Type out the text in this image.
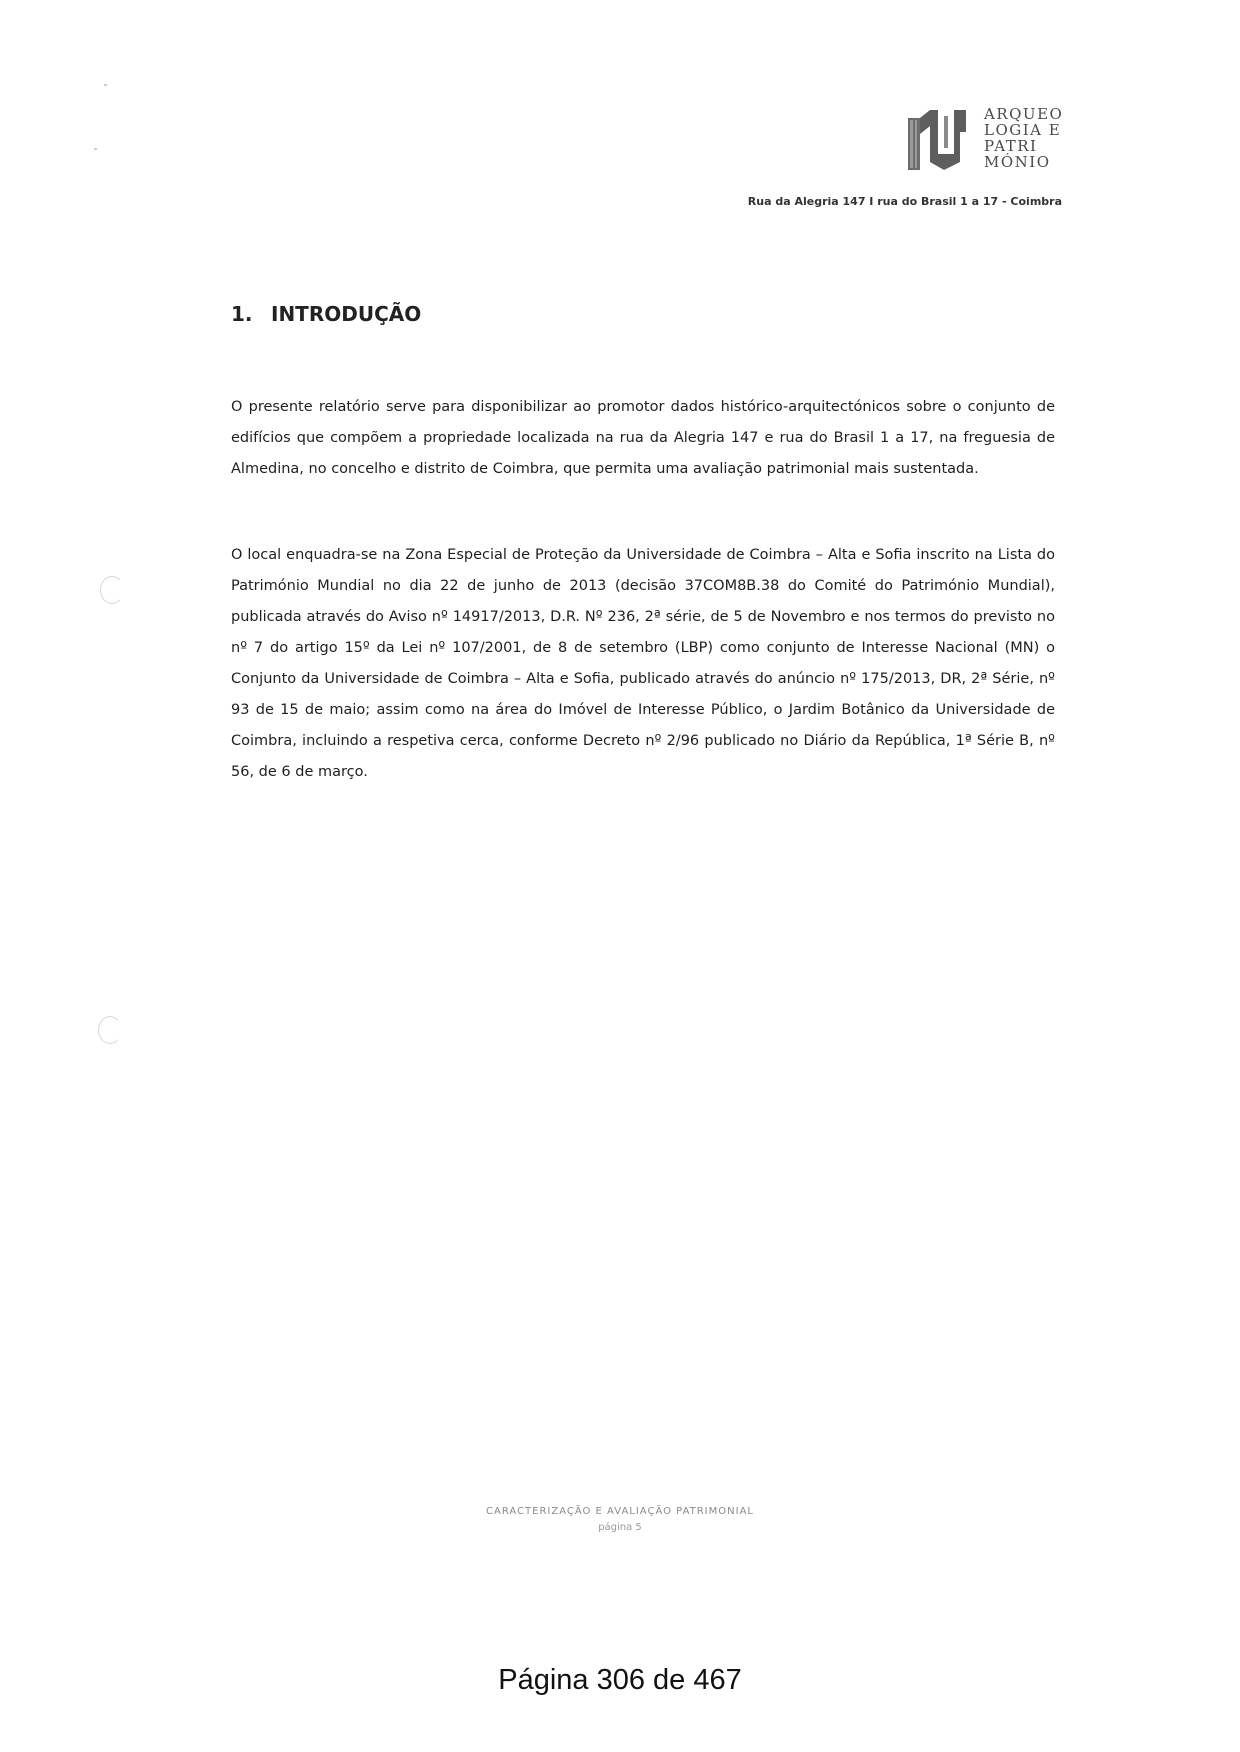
ARQUEO
LOGIA E
PATRI
MÓNIO
Rua da Alegria 147 I rua do Brasil 1 a 17 - Coimbra
1. INTRODUÇÃO

O presente relatório serve para disponibilizar ao promotor dados histórico-arquitectónicos sobre o conjunto de edifícios que compõem a propriedade localizada na rua da Alegria 147 e rua do Brasil 1 a 17, na freguesia de Almedina, no concelho e distrito de Coimbra, que permita uma avaliação patrimonial mais sustentada.

O local enquadra-se na Zona Especial de Proteção da Universidade de Coimbra – Alta e Sofia inscrito na Lista do Património Mundial no dia 22 de junho de 2013 (decisão 37COM8B.38 do Comité do Património Mundial), publicada através do Aviso nº 14917/2013, D.R. Nº 236, 2ª série, de 5 de Novembro e nos termos do previsto no nº 7 do artigo 15º da Lei nº 107/2001, de 8 de setembro (LBP) como conjunto de Interesse Nacional (MN) o Conjunto da Universidade de Coimbra – Alta e Sofia, publicado através do anúncio nº 175/2013, DR, 2ª Série, nº 93 de 15 de maio; assim como na área do Imóvel de Interesse Público, o Jardim Botânico da Universidade de Coimbra, incluindo a respetiva cerca, conforme Decreto nº 2/96 publicado no Diário da República, 1ª Série B, nº 56, de 6 de março.

CARACTERIZAÇÃO E AVALIAÇÃO PATRIMONIAL
página 5
Página 306 de 467
